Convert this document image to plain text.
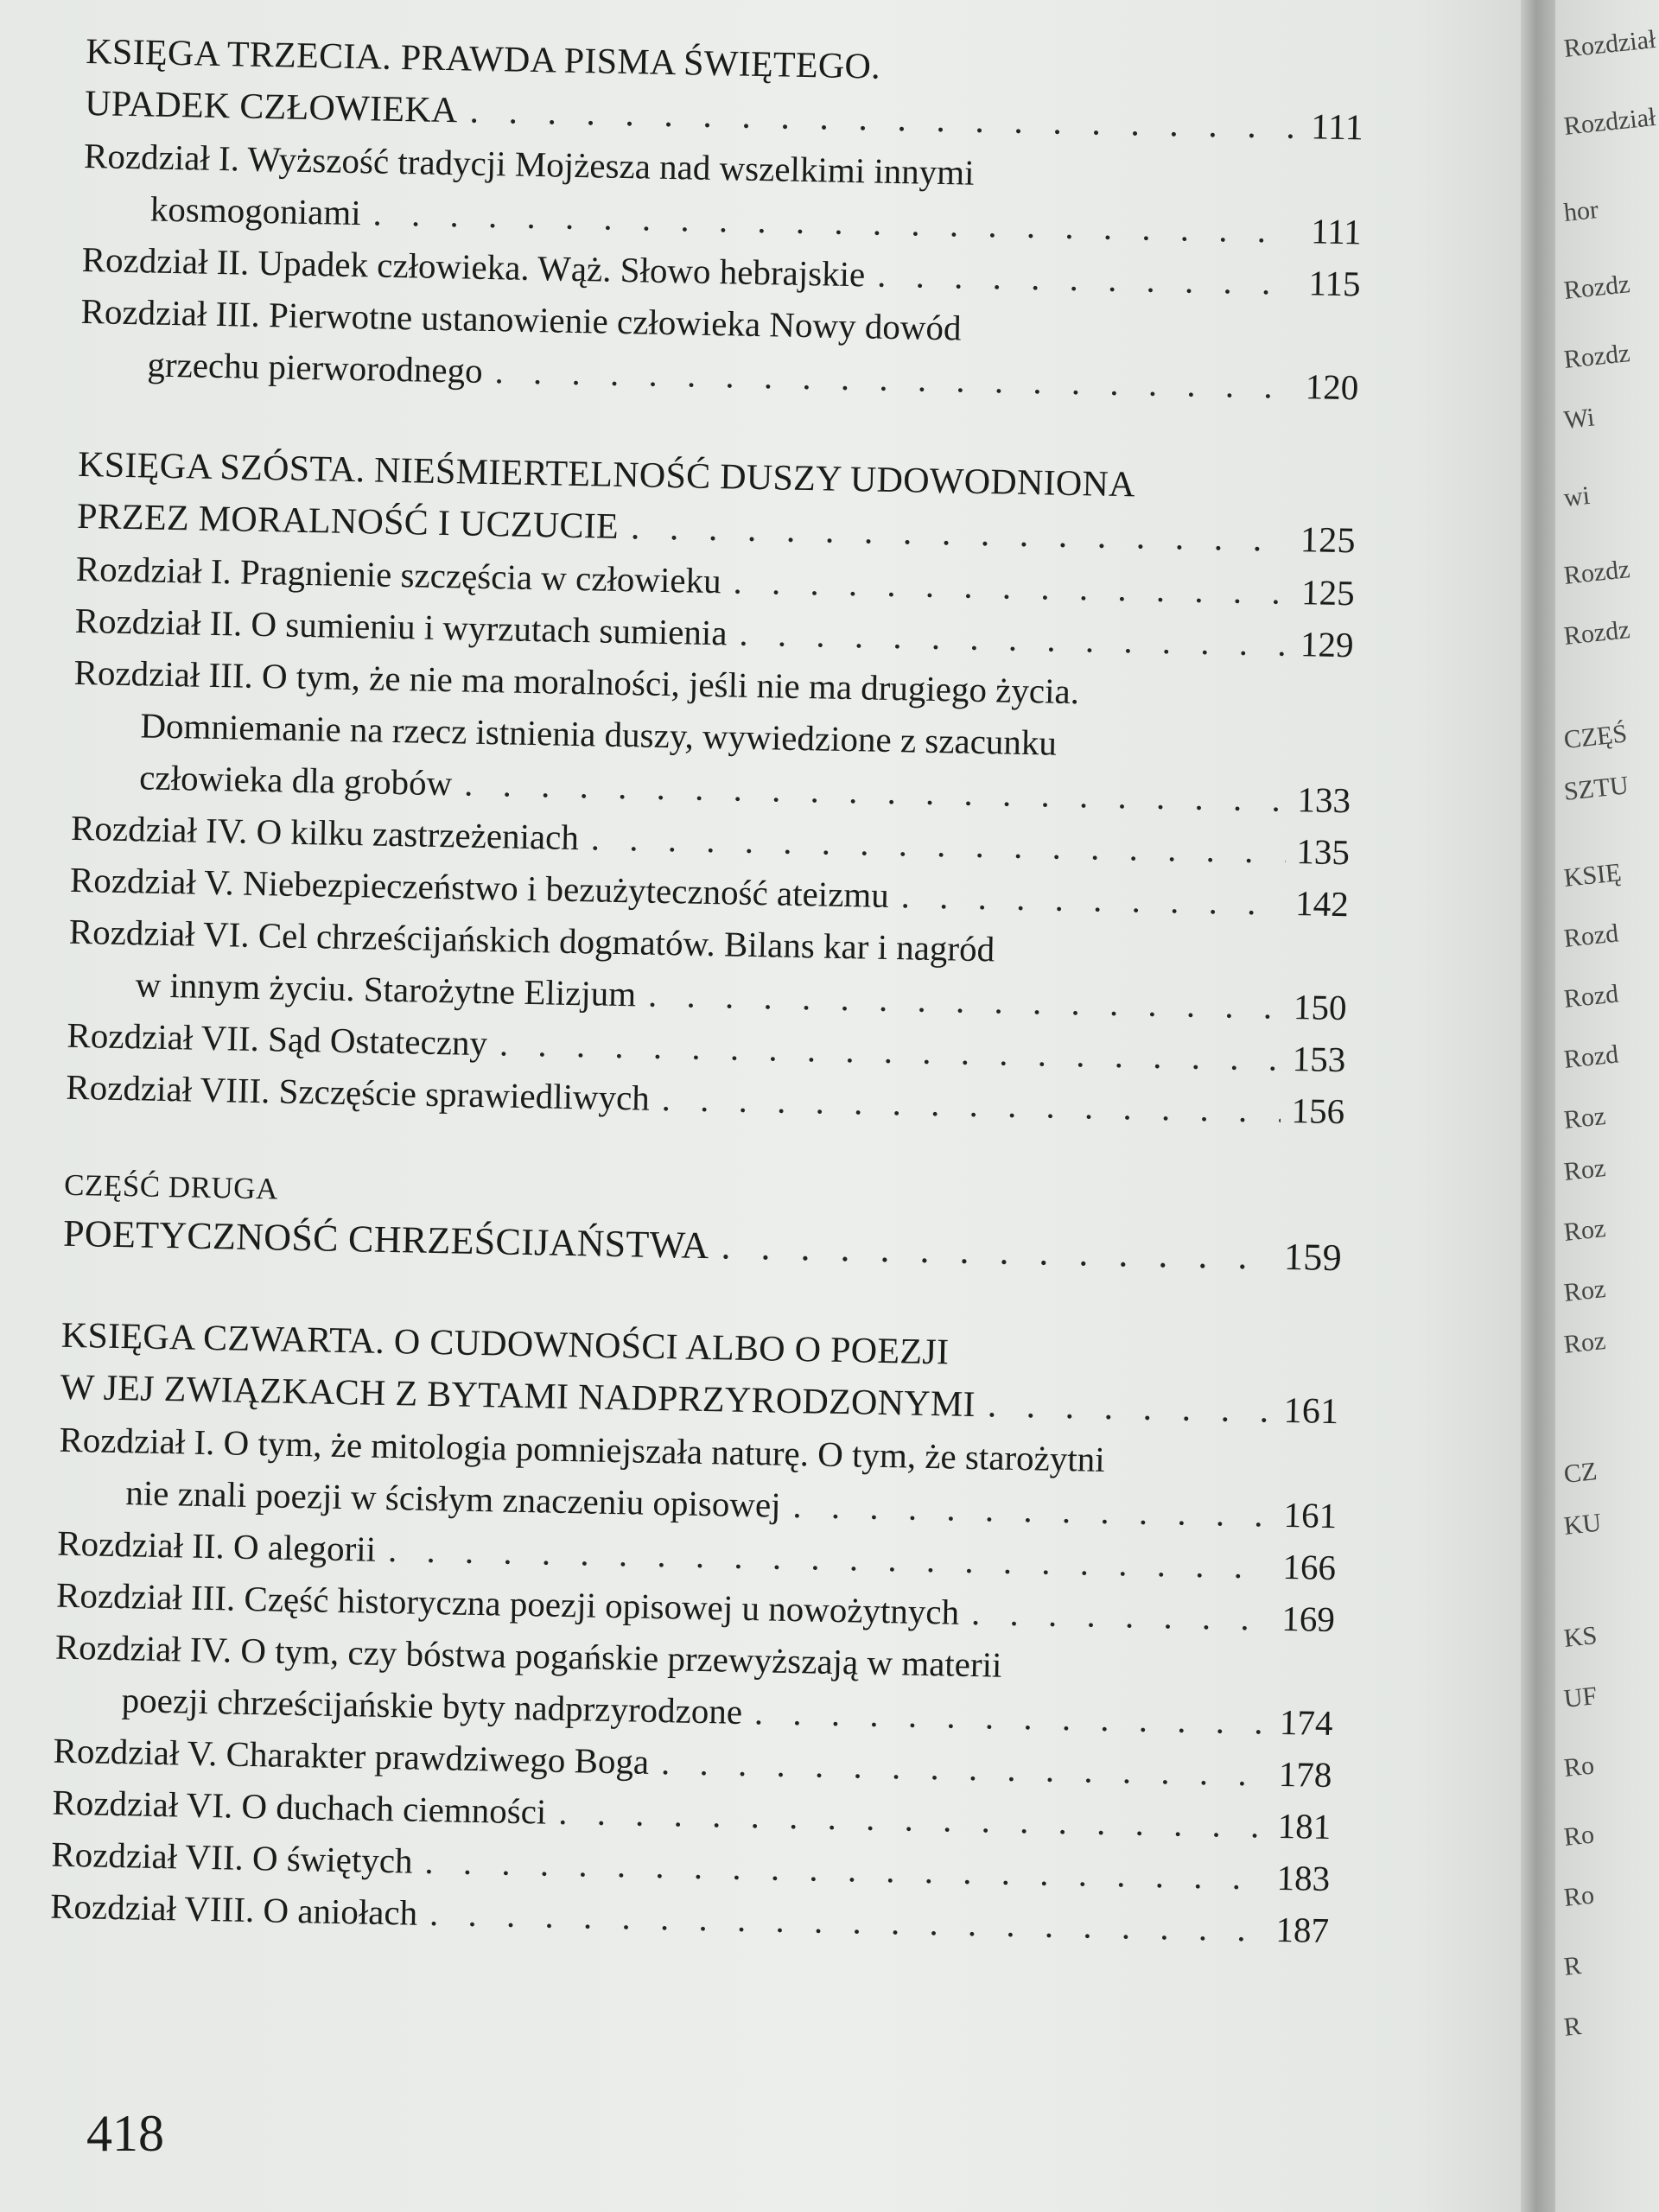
KSIĘGA TRZECIA. PRAWDA PISMA ŚWIĘTEGO.
UPADEK CZŁOWIEKA . . .	111
Rozdział I. Wyższość tradycji Mojżesza nad wszelkimi innymi
kosmogoniami . . .	111
Rozdział II. Upadek człowieka. Wąż. Słowo hebrajskie . . .	115
Rozdział III. Pierwotne ustanowienie człowieka Nowy dowód
grzechu pierworodnego . . .	120
KSIĘGA SZÓSTA. NIEŚMIERTELNOŚĆ DUSZY UDOWODNIONA
PRZEZ MORALNOŚĆ I UCZUCIE . . .	125
Rozdział I. Pragnienie szczęścia w człowieku . . .	125
Rozdział II. O sumieniu i wyrzutach sumienia . . .	129
Rozdział III. O tym, że nie ma moralności, jeśli nie ma drugiego życia.
Domniemanie na rzecz istnienia duszy, wywiedzione z szacunku
człowieka dla grobów . . .	133
Rozdział IV. O kilku zastrzeżeniach . . .	135
Rozdział V. Niebezpieczeństwo i bezużyteczność ateizmu . . .	142
Rozdział VI. Cel chrześcijańskich dogmatów. Bilans kar i nagród
w innym życiu. Starożytne Elizjum . . .	150
Rozdział VII. Sąd Ostateczny . . .	153
Rozdział VIII. Szczęście sprawiedliwych . . .	156
CZĘŚĆ DRUGA
POETYCZNOŚĆ CHRZEŚCIJAŃSTWA . . .	159
KSIĘGA CZWARTA. O CUDOWNOŚCI ALBO O POEZJI
W JEJ ZWIĄZKACH Z BYTAMI NADPRZYRODZONYMI . . .	161
Rozdział I. O tym, że mitologia pomniejszała naturę. O tym, że starożytni
nie znali poezji w ścisłym znaczeniu opisowej . . .	161
Rozdział II. O alegorii . . .	166
Rozdział III. Część historyczna poezji opisowej u nowożytnych . . .	169
Rozdział IV. O tym, czy bóstwa pogańskie przewyższają w materii
poezji chrześcijańskie byty nadprzyrodzone . . .	174
Rozdział V. Charakter prawdziwego Boga . . .	178
Rozdział VI. O duchach ciemności . . .	181
Rozdział VII. O świętych . . .	183
Rozdział VIII. O aniołach . . .	187
418
Rozdział
Rozdział
hor
Rozdz
Rozdz
Wi
wi
Rozdz
Rozdz
CZĘŚ
SZTU
KSIĘ
Rozd
Rozd
Rozd
Roz
Roz
Roz
Roz
Roz
CZ
KU
KS
UF
Ro
Ro
Ro
R
R
